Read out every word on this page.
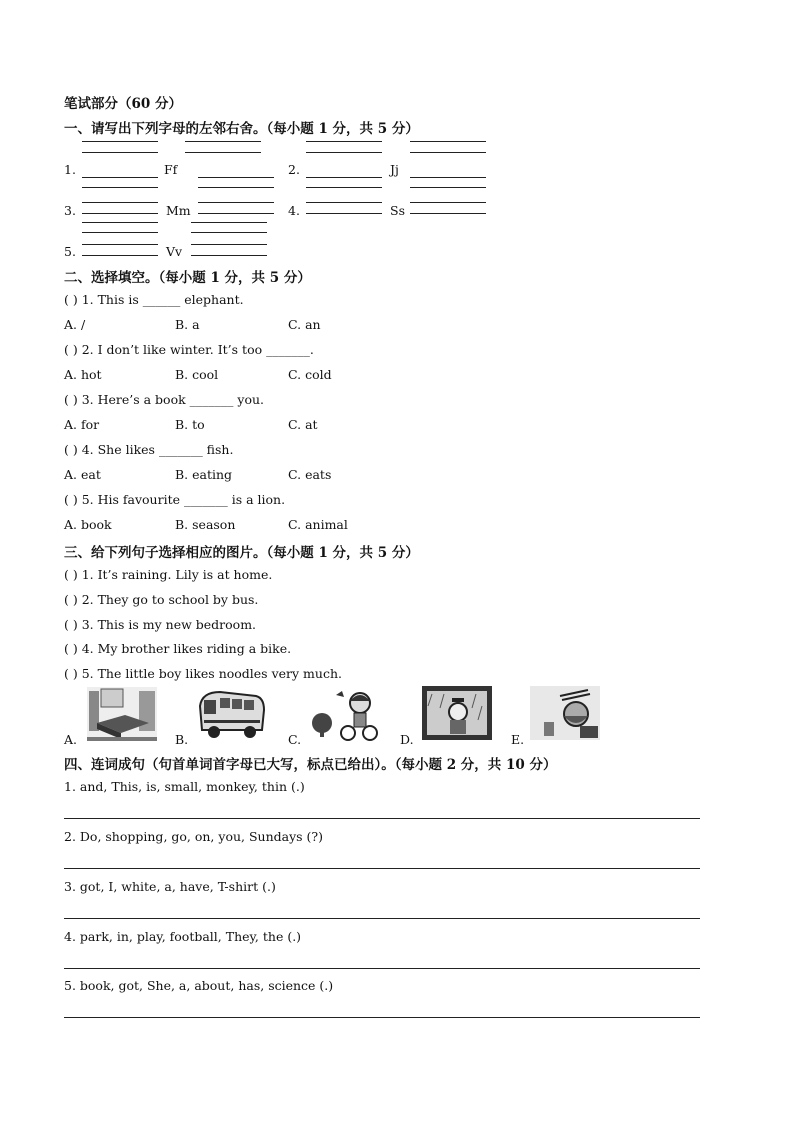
笔试部分（60 分）
一、请写出下列字母的左邻右舍。（每小题 1 分，共 5 分）
1.	Ff	2.	Jj
3.	Mm	4.	Ss
5.	Vv
二、选择填空。（每小题 1 分，共 5 分）
( ) 1. This is ______ elephant.
A. /	B. a	C. an
( ) 2. I don’t like winter. It’s too _______.
A. hot	B. cool	C. cold
( ) 3. Here’s a book _______ you.
A. for	B. to	C. at
( ) 4. She likes _______ fish.
A. eat	B. eating	C. eats
( ) 5. His favourite _______ is a lion.
A. book	B. season	C. animal
三、给下列句子选择相应的图片。（每小题 1 分，共 5 分）
( ) 1. It’s raining. Lily is at home.
( ) 2. They go to school by bus.
( ) 3. This is my new bedroom.
( ) 4. My brother likes riding a bike.
( ) 5. The little boy likes noodles very much.
A.	B.	C.	D.	E.
四、连词成句（句首单词首字母已大写，标点已给出）。（每小题 2 分，共 10 分）
1. and, This, is, small, monkey, thin (.)
2. Do, shopping, go, on, you, Sundays (?)
3. got, I, white, a, have, T-shirt (.)
4. park, in, play, football, They, the (.)
5. book, got, She, a, about, has, science (.)
